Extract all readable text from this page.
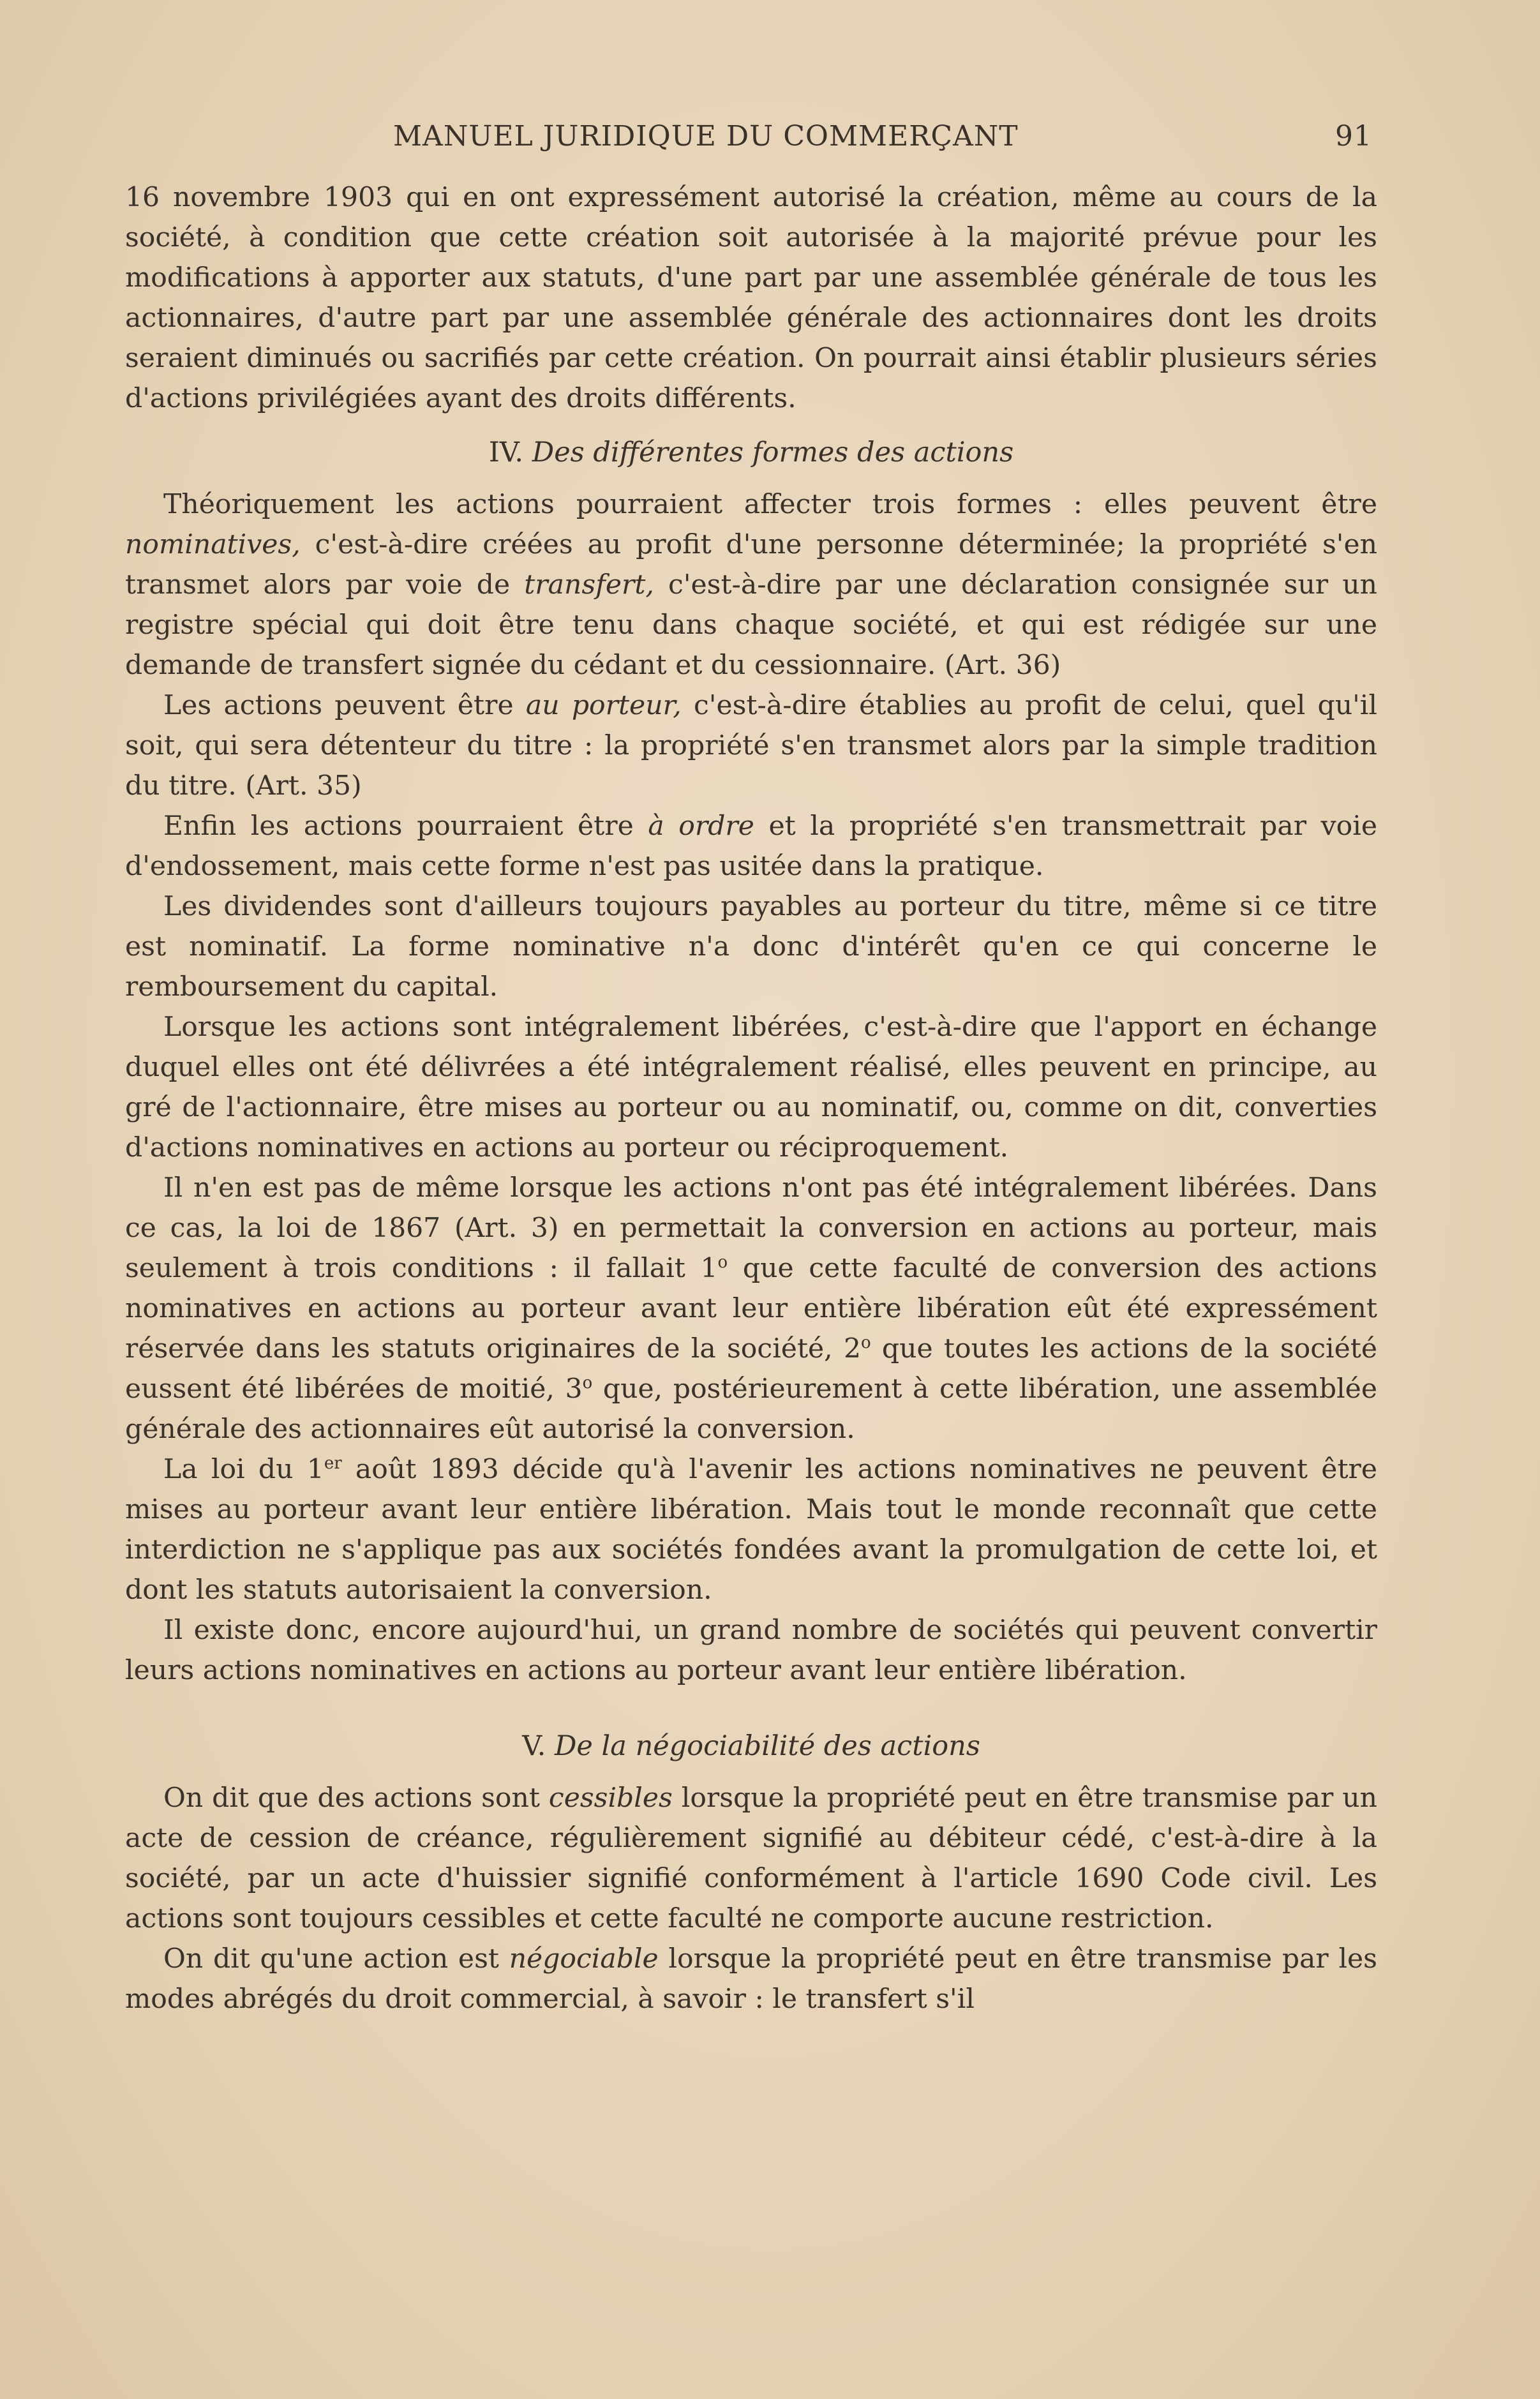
MANUEL JURIDIQUE DU COMMERÇANT	91

16 novembre 1903 qui en ont expressément autorisé la création, même au cours de la société, à condition que cette création soit autorisée à la majorité prévue pour les modifications à apporter aux statuts, d'une part par une assemblée générale de tous les actionnaires, d'autre part par une assemblée générale des actionnaires dont les droits seraient diminués ou sacrifiés par cette création. On pourrait ainsi établir plusieurs séries d'actions privilégiées ayant des droits différents.

IV. Des différentes formes des actions

Théoriquement les actions pourraient affecter trois formes : elles peuvent être nominatives, c'est-à-dire créées au profit d'une personne déterminée; la propriété s'en transmet alors par voie de transfert, c'est-à-dire par une déclaration consignée sur un registre spécial qui doit être tenu dans chaque société, et qui est rédigée sur une demande de transfert signée du cédant et du cessionnaire. (Art. 36)

Les actions peuvent être au porteur, c'est-à-dire établies au profit de celui, quel qu'il soit, qui sera détenteur du titre : la propriété s'en transmet alors par la simple tradition du titre. (Art. 35)

Enfin les actions pourraient être à ordre et la propriété s'en transmettrait par voie d'endossement, mais cette forme n'est pas usitée dans la pratique.

Les dividendes sont d'ailleurs toujours payables au porteur du titre, même si ce titre est nominatif. La forme nominative n'a donc d'intérêt qu'en ce qui concerne le remboursement du capital.

Lorsque les actions sont intégralement libérées, c'est-à-dire que l'apport en échange duquel elles ont été délivrées a été intégralement réalisé, elles peuvent en principe, au gré de l'actionnaire, être mises au porteur ou au nominatif, ou, comme on dit, converties d'actions nominatives en actions au porteur ou réciproquement.

Il n'en est pas de même lorsque les actions n'ont pas été intégralement libérées. Dans ce cas, la loi de 1867 (Art. 3) en permettait la conversion en actions au porteur, mais seulement à trois conditions : il fallait 1$^o$ que cette faculté de conversion des actions nominatives en actions au porteur avant leur entière libération eût été expressément réservée dans les statuts originaires de la société, 2$^o$ que toutes les actions de la société eussent été libérées de moitié, 3$^o$ que, postérieurement à cette libération, une assemblée générale des actionnaires eût autorisé la conversion.

La loi du 1er août 1893 décide qu'à l'avenir les actions nominatives ne peuvent être mises au porteur avant leur entière libération. Mais tout le monde reconnaît que cette interdiction ne s'applique pas aux sociétés fondées avant la promulgation de cette loi, et dont les statuts autorisaient la conversion.

Il existe donc, encore aujourd'hui, un grand nombre de sociétés qui peuvent convertir leurs actions nominatives en actions au porteur avant leur entière libération.

V. De la négociabilité des actions

On dit que des actions sont cessibles lorsque la propriété peut en être transmise par un acte de cession de créance, régulièrement signifié au débiteur cédé, c'est-à-dire à la société, par un acte d'huissier signifié conformément à l'article 1690 Code civil. Les actions sont toujours cessibles et cette faculté ne comporte aucune restriction.

On dit qu'une action est négociable lorsque la propriété peut en être transmise par les modes abrégés du droit commercial, à savoir : le transfert s'il
